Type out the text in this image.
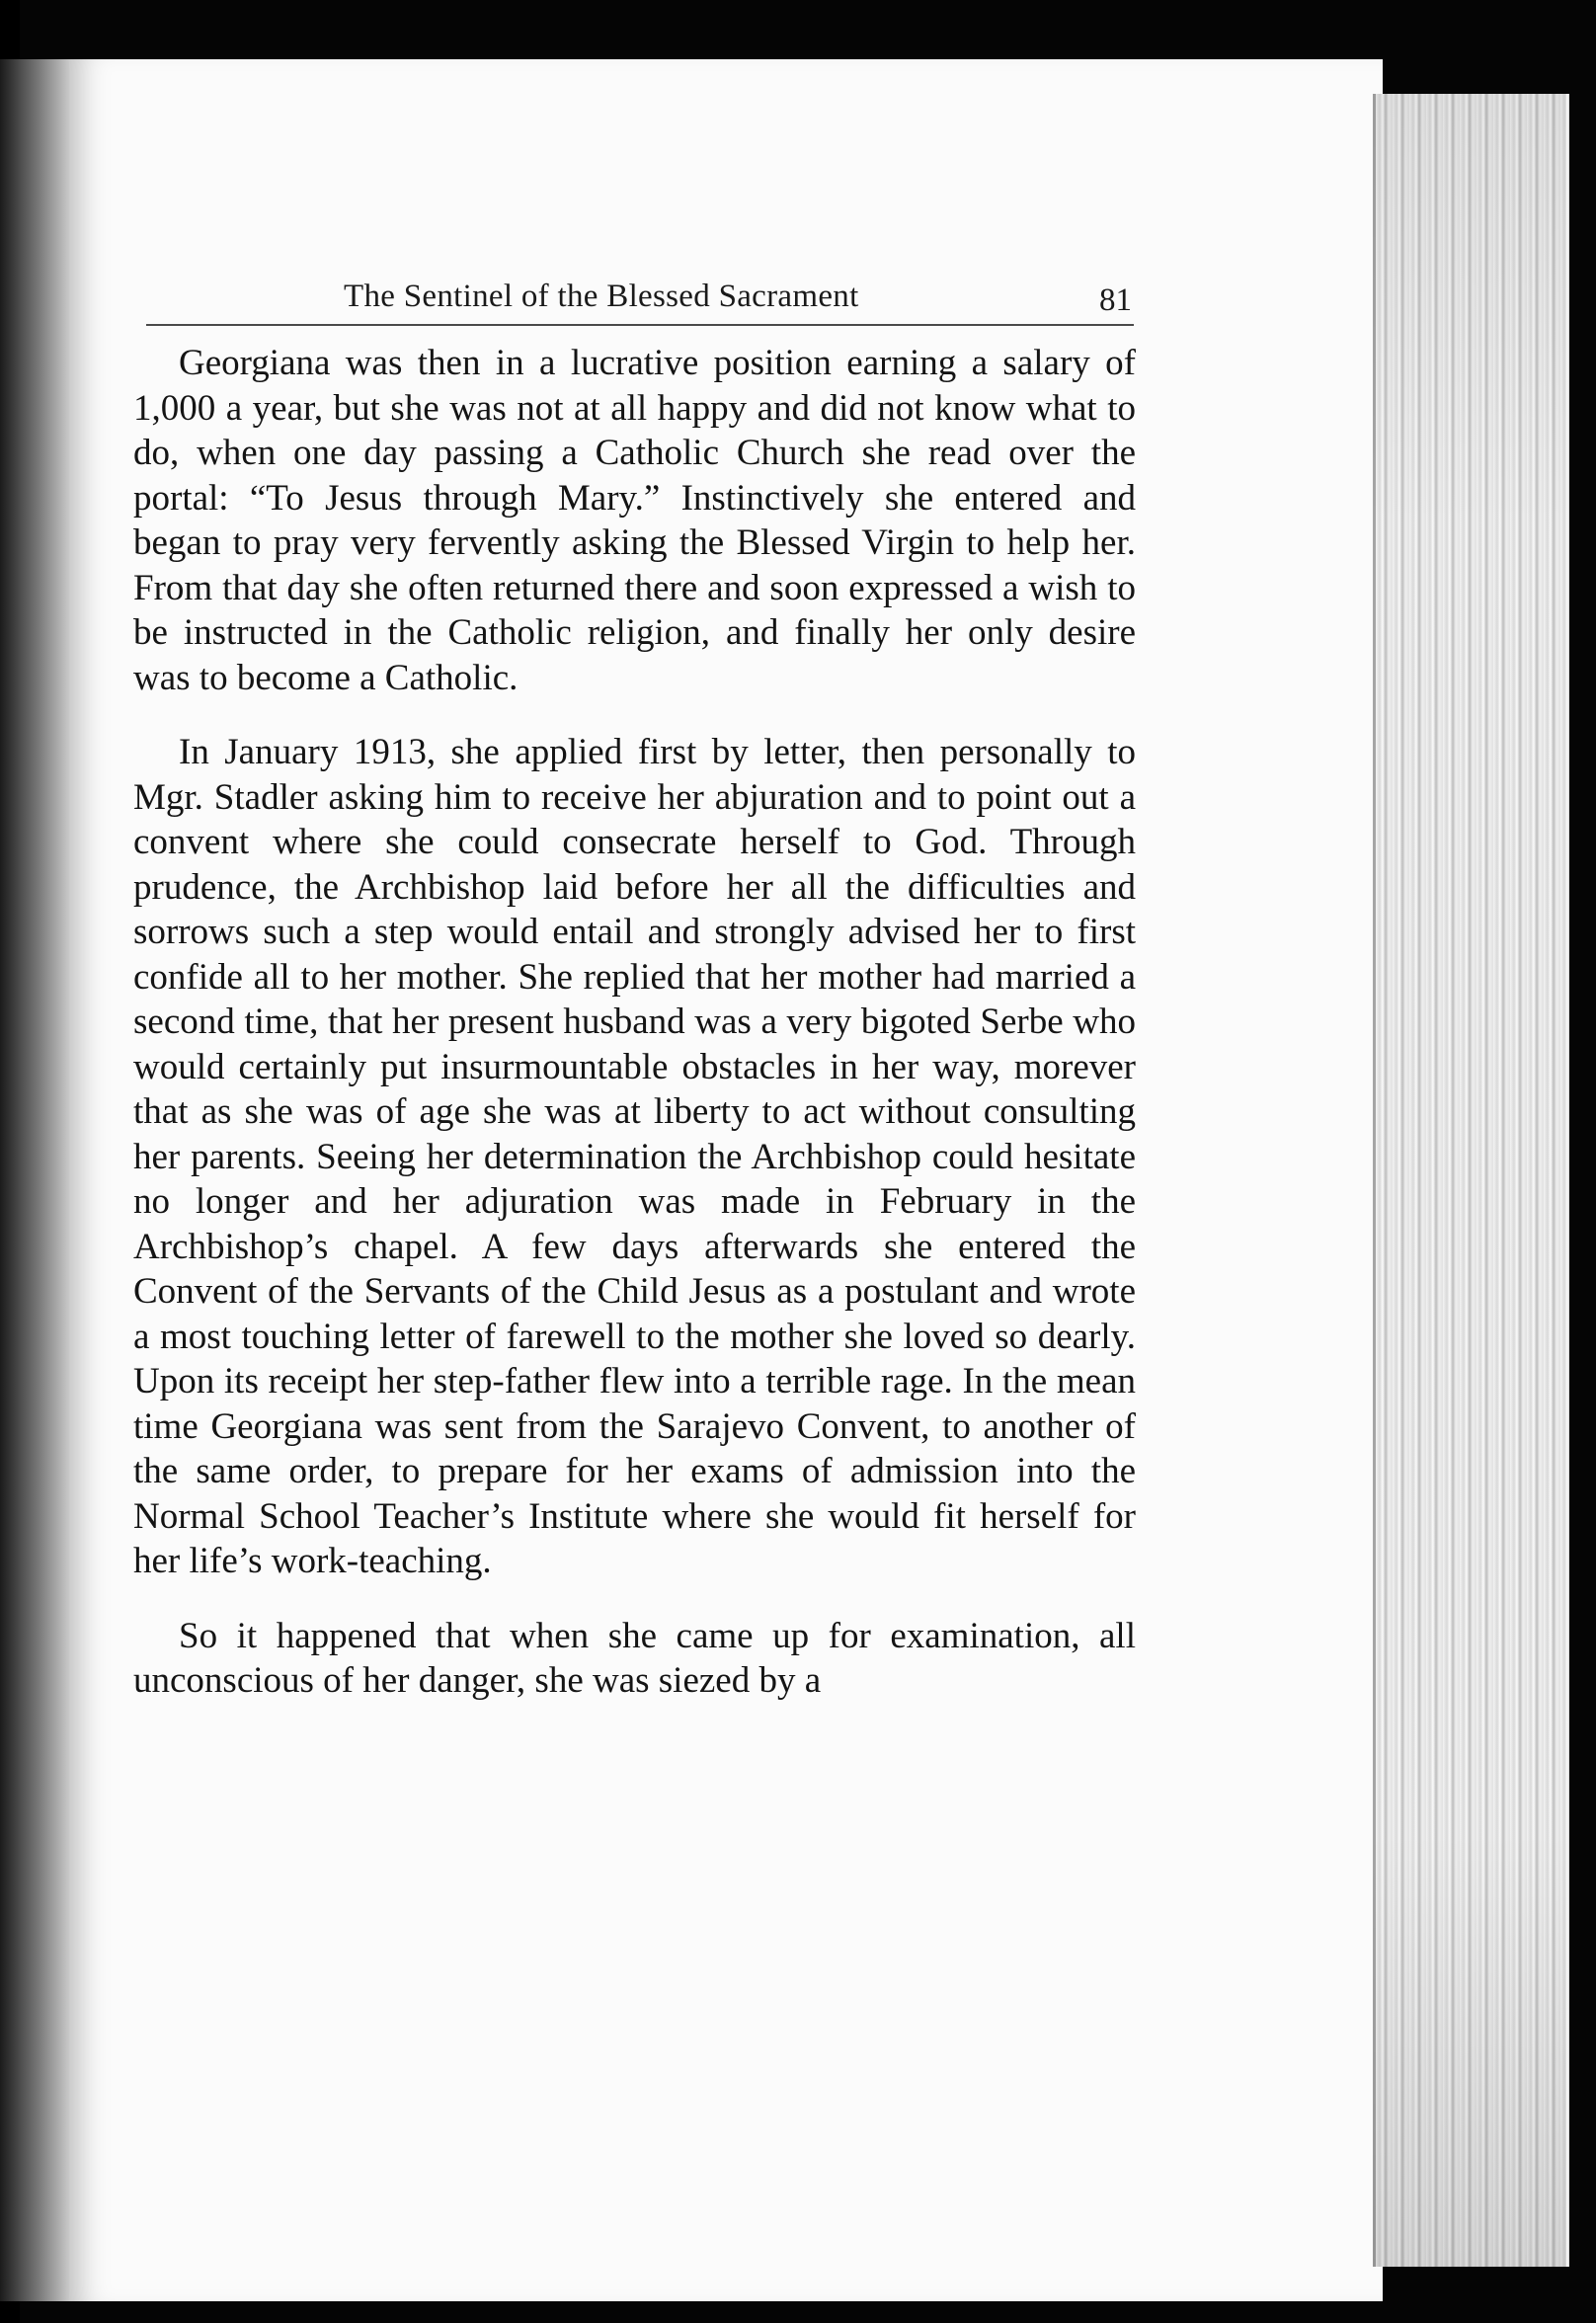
The Sentinel of the Blessed Sacrament	81

Georgiana was then in a lucrative position earning a salary of 1,000 a year, but she was not at all happy and did not know what to do, when one day passing a Catholic Church she read over the portal: “To Jesus through Mary.” Instinctively she entered and began to pray very fervently asking the Blessed Virgin to help her. From that day she often returned there and soon expressed a wish to be instructed in the Catholic religion, and finally her only desire was to become a Catholic.

In January 1913, she applied first by letter, then personally to Mgr. Stadler asking him to receive her abjuration and to point out a convent where she could consecrate herself to God. Through prudence, the Archbishop laid before her all the difficulties and sorrows such a step would entail and strongly advised her to first confide all to her mother. She replied that her mother had married a second time, that her present husband was a very bigoted Serbe who would certainly put insurmountable obstacles in her way, morever that as she was of age she was at liberty to act without consulting her parents. Seeing her determination the Archbishop could hesitate no longer and her adjuration was made in February in the Archbishop’s chapel. A few days afterwards she entered the Convent of the Servants of the Child Jesus as a postulant and wrote a most touching letter of farewell to the mother she loved so dearly. Upon its receipt her step-father flew into a terrible rage. In the mean time Georgiana was sent from the Sarajevo Convent, to another of the same order, to prepare for her exams of admission into the Normal School Teacher’s Institute where she would fit herself for her life’s work-teaching.

So it happened that when she came up for examination, all unconscious of her danger, she was siezed by a
